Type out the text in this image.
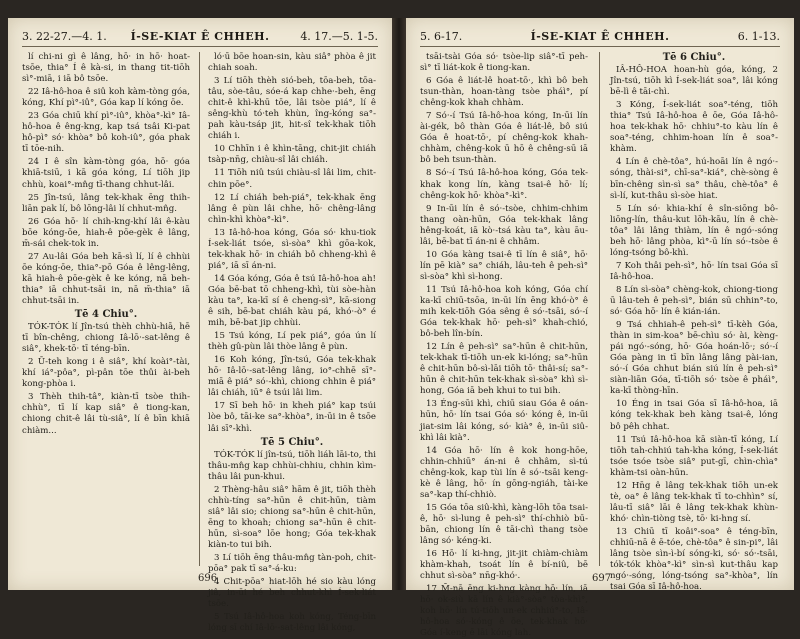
Í-SE-KIAT Ê CHHEH.
3. 22-27.—4. 1.	4. 17.—5. 1-5.

lí chi-ni gì ê lâng, hō· in hō· hoat-tsōe, thia° Í ê kà-si, in thang tit-tiōh sì°-miā, i iā bô tsōe.

22 Iâ-hô-hoa ê siû koh kàm-tòng góa, kóng, Khí pì°-iû°, Góa kap lí kóng ōe.

23 Góa chiū khí pì°-iû°, khòa°-kì° Iâ-hô-hoa ê êng-kng, kap tsá tsâi Ki-pat hô-pì° só· khòa° bô koh-iû°, góa phak tī tōe-nih.

24 I ê sîn kàm-tòng góa, hō· góa khiā-tsiū, i kā góa kóng, Lí tiōh jip chhù, koai°-mn̂g tī-thang chhut-lâi.

25 Jîn-tsú, lâng tek-khak ēng thih-liān pak lí, bô lōng-lâi lí chhut-mn̂g.

26 Góa hō· lí chih-kng-khí lâi ê-kàu bōe kóng-ōe, hiah-ê pōe-gèk ê lâng, m̄-sái chek-tok in.

27 Au-lâi Góa beh kā-sì lí, lí ê chhùi ōe kóng-ōe, thia°-pō Góa ê lêng-lêng, kā hiah-ê pōe-gèk ê ke kóng, nā beh-thia° iā chhut-tsāi in, nā m̄-thia° iā chhut-tsāi in.

Tē 4 Chiu°.

TÓK-TÓK lí Jîn-tsú thèh chhù-hiā, hē tī bîn-chêng, chiong Iâ-lō·-sat-lêng ê siâ°, khek-tō· tī téng-bīn.

2 Ū-teh kong i ê siâ°, khí koài°-tài, khí iá°-pôa°, pì-pân tōe thûi ài-beh kong-phòa i.

3 Thèh thih-tâ°, kiàn-tī tsòe thih-chhù°, tī lí kap siâ° ê tiong-kan, chiong chit-ê lâi tù-siâ°, lí ê bīn khiā chiàm...

ló·ū bōe hoan-sin, kàu siâ° phòa ê jit chiah soah.

3 Lí tiōh thèh sió-beh, tōa-beh, tōa-tâu, sòe-tâu, sóe-á kap chhe·-beh, ēng chit-ê khì-khū tōe, lâi tsòe piá°, lí ê sêng-khù tó·teh khùn, îng-kóng sa°-pah kàu-tsáp jit, hit-sî tek-khak tiōh chiáh i.

10 Chhīn i ê khìn-tāng, chit-jit chiáh tsàp-nn̄g, chiàu-sî lâi chiáh.

11 Tiōh niû tsúi chiàu-sî lâi lim, chit-chin pōe°.

12 Lí chiáh beh-piá°, tek-khak ēng lâng ê pùn lâi chhe, hō· chêng-lâng chìn-khì khòa°-kì°.

13 Iâ-hô-hoa kóng, Góa só· khu-tiok Í-sek-liát tsóe, sì-sòa° khì gōa-kok, tek-khak hō· in chiáh bô chheng-khì ê piá°, iā sī án-ni.

14 Góa kóng, Góa ê tsú Iâ-hô-hoa ah! Góa bē-bat tō chheng-khì, tùi sòe-hàn kàu ta°, ka-kī sí ê cheng-sì°, kā-siong ê sih, bē-bat chiáh kàu pá, khó·-ò° é mih, bē-bat jip chhùi.

15 Tsú kóng, Lí pek piá°, góa ún lí thèh gû-pùn lâi thòe lâng ê pùn.

16 Koh kóng, Jîn-tsú, Góa tek-khak hō· Iâ-lō·-sat-lêng lâng, io°-chhē sī°-miā ê piá° só·-khì, chiong chhin ê piá° lâi chiáh, iū° ê tsúi lâi lim.

17 Sī beh hō· in kheh piá° kap tsúi lòe bô, tāi-ke sa°-khòa°, in-ūi in ê tsōe lâi sī°-khì.

Tē 5 Chiu°.

TÓK-TÓK lí jîn-tsú, tiōh liáh lāi-to, thi thâu-mn̂g kap chhùi-chhiu, chhin kìm-thâu lâi pun-khui.

2 Thèng-hâu siâ° hām ê jit, tiōh thèh chhù-tíng sa°-hūn ê chit-hūn, tiàm siâ° lâi sio; chiong sa°-hūn ê chit-hūn, ēng to khoah; chiong sa°-hūn ê chit-hūn, sì-soa° lōe hong; Góa tek-khak kiàn-to tui bih.

3 Lí tiōh ēng thâu-mn̂g tàn-poh, chit-pōa° pak tī sa°-á-ku:

4 Chit-pōa° hiat-lōh hé sio kàu lóng jiâ, in-ūi hé beh chhut-khì Í-sek-liát tsōe.

5 Tsú Iâ-hô-hoa koh kóng, Téng-bīn lóng sī chí Iâ-lō·-sat-lêng lâi kóng,

696
Í-SE-KIAT Ê CHHEH.
5. 6-17.	6. 1-13.

tsāi-tsài Góa só· tsòe-lip siâ°-tī peh-sì° tī liát-kok ê tiong-kan.

6 Góa ê liát-lê hoat-tō·, khì bô beh tsun-thàn, hoan-tàng tsòe pháì°, pí chêng-kok khah chhàm.

7 Só·-í Tsú Iâ-hô-hoa kóng, In-ūi lín ài-gék, bô thàn Góa ê liát-lê, bô siú Góa ê hoat-tō·, pí chêng-kok khah-chhàm, chêng-kok ū hō ê chêng-sū iā bô beh tsun-thàn.

8 Só·-í Tsú Iâ-hô-hoa kóng, Góa tek-khak kong lín, kàng tsai-ê hō· lí; chêng-kok hō· khòa°-kì°.

9 In-ūi lín ê só·-tsòe, chhim-chhim thang oàn-hūn, Góa tek-khak lâng hêng-koát, iā kò·-tsá kàu ta°, kàu āu-lâi, bē-bat tī án-ni ê chhâm.

10 Góa kàng tsai-ê tī lín ê siâ°, hō· lín pē kià° sa° chiáh, lâu-teh ê peh-sì° sì-sòa° khì sì-hong.

11 Tsú Iâ-hô-hoa koh kóng, Góa chí ka-kī chiū-tsōa, in-ūi lín ēng khó·ò° ê mih kek-tiōh Góa sêng ê só·-tsāi, só·-í Góa tek-khak hō· peh-sì° khah-chió, bô-beh lîn-bín.

12 Lín ê peh-sì° sa°-hūn ê chit-hūn, tek-khak tī-tiōh un-ek ki-lóng; sa°-hūn ê chit-hūn bô-sì-lāi tiōh tō· thâi-sí; sa°-hūn ê chit-hūn tek-khak sì-sòa° khì sì-hong, Góa iā beh khui to tui bih.

13 Éng-sūi khì, chiū siau Góa ê oán-hūn, hō· lín tsai Góa só· kóng ê, in-ūi jiat-sim lâi kóng, só· kià° ê, in-ūi siû-khì lâi kià°.

14 Góa hō· lín ê kok hong-hōe, chhin-chhiū° án-ni ê chhâm, sì-tú chêng-kok, kap tùi lín ê só·-tsāi keng-kè ê lâng, hō· ín gōng-ngiáh, tài-ke sa°-kap thí-chhiò.

15 Góa tōa siû-khì, kàng-lōh tōa tsai-ê, hō· sì-lung ê peh-sì° thí-chhiò bū-bān, chiong lín ê tāi-chì thang tsòe lâng só· kéng-ki.

16 Hō· lí ki-hng, jit-jit chiàm-chiàm khàm-khah, tsoát lín ê bí-niû, bē chhut sì-sòa° nn̄g-khó·.

17 M̄-nā ēng ki-hng kàng hō· lín, iā hō· ok-siù kā lín ê kià°-sòa° tòa-khì°, koh hō· lín tú-tiōh un-ek chhiú°-to, Iâ-hô-hoa só·-kóng ê ōe, tek-khak hō· Góa í-keng ē lāi kóng lah.

Tē 6 Chiu°.

IÂ-HÔ-HOA hoan-hù góa, kóng, 2 Jîn-tsú, tiōh kì Í-sek-liát soa°, lâi kóng bē-lì ê tāi-chì.

3 Kóng, Í-sek-liát soa°-téng, tiōh thia° Tsú Iâ-hô-hoa ê ōe, Góa Iâ-hô-hoa tek-khak hō· chhiu°-to kàu lín ê soa°-téng, chhim-hoan lín ê soa°-khàm.

4 Lín ê chè-tôa°, hú-hoāi lín ê ngó·-sóng, thài-si°, chī-sa°-kiá°, chè-sòng ê bīn-chêng sìn-sì sa° thâu, chè-tôa° ê sì-lí, kut-thâu sì-sòe hiat.

5 Lín só· khia-khí ê sîn-siōng bô-liōng-lín, thâu-kut lōh-kāu, lín ê chè-tôa° lâi lâng thiàm, lín ê ngó·-sóng beh hō· lâng phòa, kì°-ū lín só·-tsòe ê lóng-tsóng bô-khì.

7 Koh thâi peh-sì°, hō· lín tsai Góa sī Iâ-hô-hoa.

8 Lín sì-sòa° chèng-kok, chiong-tiong ū lâu-teh ê peh-sì°, bián sū chhin°-to, só· Góa hō· lín ê kián-ián.

9 Tsá chhiah-ê peh-sì° tī-kèh Góa, thàn in sim-koa° bē-chìu só· ài, kèng-pái ngó·-sóng, hō· Góa hoán-lō·; só·-í Góa pàng in tī bīn lâng lâng pài-ian, só·-í Góa chhut bián siú lín ê peh-sì° siàn-liān Góa, tī-tiōh só· tsòe ê pháì°, ka-kī thòng-hīn.

10 Éng in tsai Góa sī Iâ-hô-hoa, iā kóng tek-khak beh kàng tsai-ê, lóng bô pêh chhat.

11 Tsú Iâ-hô-hoa kā siàn-tī kóng, Lí tiōh tah-chhiú tah-kha kóng, Í-sek-liát tsóe tsóe tsòe siâ° put-gī, chìn-chìa° khàm-tsi oàn-hūn.

12 Hn̄g ê lâng tek-khak tiōh un-ek tè, oa° ê lâng tek-khak tī to-chhìn° sí, lâu-tī siâ° lāi ê lâng tek-khak khùn-khó· chìn-tiòng tsè, tō· ki-hng sí.

13 Chiū tī koâi°-soa° ê téng-bīn, chhiū-nā ê ē-tóe, chè-tôa° ê sin-pi°, lâi lâng tsòe sìn-ì-bí sóng-ki, só· só·-tsāi, tók-tók khòa°-kì° sìn-sì kut-thâu kap ngó·-sóng, lóng-tsóng sa°-khòa°, lín tsai Góa sī Iâ-hô-hoa.

697
